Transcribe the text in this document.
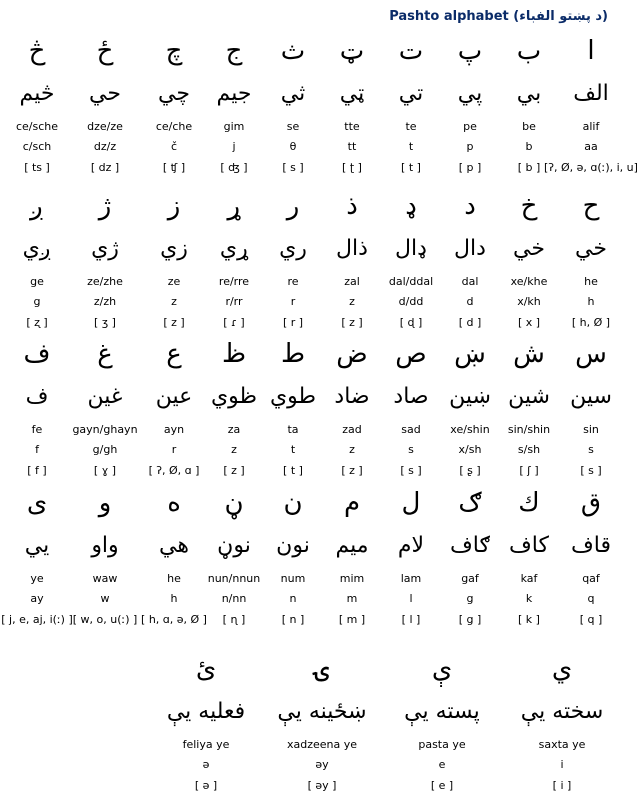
Pashto alphabet (د پښتو الفباء)
ا
الف
alif
aa
[ʔ, Ø, ə, ɑ(ː), i, u]
ب
بي
be
b
[ b ]
پ
پي
pe
p
[ p ]
ت
تي
te
t
[ t ]
ټ
ټي
tte
tt
[ ʈ ]
ث
ثي
se
θ
[ s ]
ج
جيم
gim
j
[ ʤ ]
چ
چي
ce/che
č
[ ʧ ]
ځ
حي
dze/ze
dz/z
[ dz ]
څ
څيم
ce/sche
c/sch
[ ts ]
ح
خي
he
h
[ h, Ø ]
خ
خي
xe/khe
x/kh
[ x ]
د
دال
dal
d
[ d ]
ډ
ډال
dal/ddal
d/dd
[ ɖ ]
ذ
ذال
zal
z
[ z ]
ر
ري
re
r
[ r ]
ړ
ړي
re/rre
r/rr
[ ɾ ]
ز
زي
ze
z
[ z ]
ژ
ژي
ze/zhe
z/zh
[ ʒ ]
ږ
ږي
ge
g
[ ʐ ]
س
سين
sin
s
[ s ]
ش
شين
sin/shin
s/sh
[ ʃ ]
ښ
ښين
xe/shin
x/sh
[ ʂ ]
ص
صاد
sad
s
[ s ]
ض
ضاد
zad
z
[ z ]
ط
طوي
ta
t
[ t ]
ظ
ظوي
za
z
[ z ]
ع
عين
ayn
r
[ ʔ, Ø, ɑ ]
غ
غين
gayn/ghayn
g/gh
[ ɣ ]
ف
ف
fe
f
[ f ]
ق
قاف
qaf
q
[ q ]
ك
كاف
kaf
k
[ k ]
ګ
ګاف
gaf
g
[ g ]
ل
لام
lam
l
[ l ]
م
ميم
mim
m
[ m ]
ن
نون
num
n
[ n ]
ڼ
نوڼ
nun/nnun
n/nn
[ ɳ ]
ه
هي
he
h
[ h, ɑ, ə, Ø ]
و
واو
waw
w
[ w, o, u(ː) ]
ى
يي
ye
ay
[ j, e, aj, i(ː) ]
ي
سخته يې
saxta ye
i
[ i ]
ې
پسته يې
pasta ye
e
[ e ]
ۍ
ښځينه يې
xadzeena ye
əy
[ əy ]
ئ
فعليه يې
feliya ye
ə
[ ə ]
